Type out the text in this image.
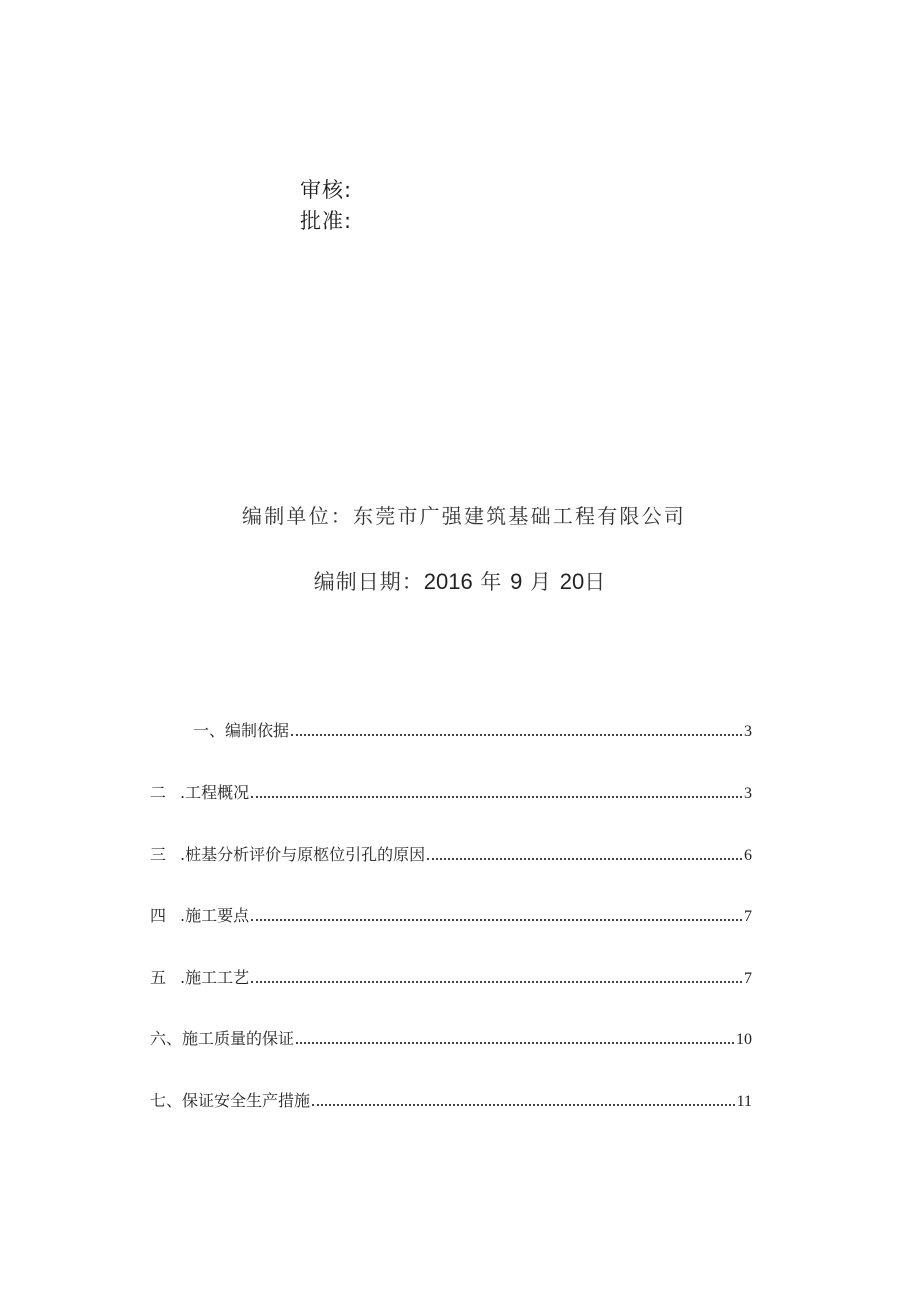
审核:
批准:
编制单位：东莞市广强建筑基础工程有限公司
编制日期：2016 年 9 月 20日
一、 编制依据	3
二 .工程概况	3
三 .桩基分析评价与原柩位引孔的原因	6
四 .施工要点	7
五 .施工工艺	7
六、 施工质量的保证	10
七、 保证安全生产措施	11
